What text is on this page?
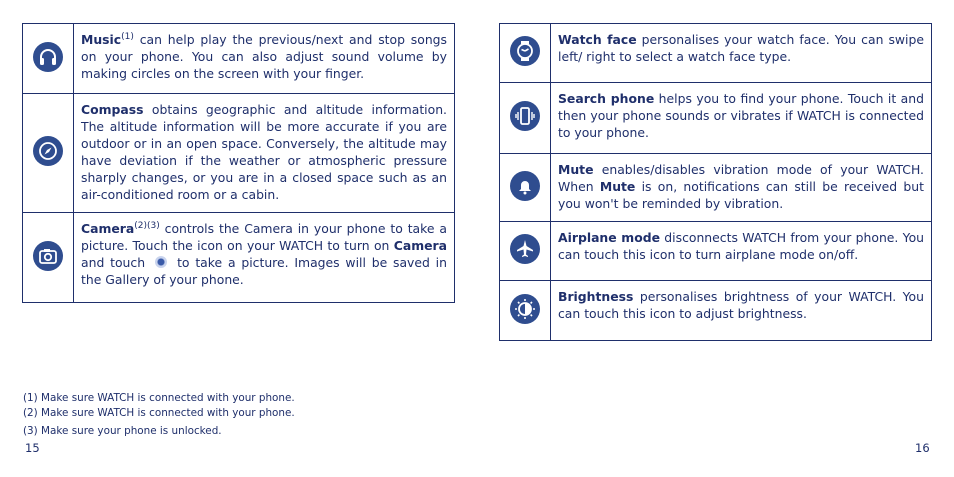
	Music$^{(1)}$ can help play the previous/next and stop songs on your phone. You can also adjust sound volume by making circles on the screen with your finger.

	Compass obtains geographic and altitude information. The altitude information will be more accurate if you are outdoor or in an open space. Conversely, the altitude may have deviation if the weather or atmospheric pressure sharply changes, or you are in a closed space such as an air-conditioned room or a cabin.

	Camera$^{(2)(3)}$ controls the Camera in your phone to take a picture. Touch the icon on your WATCH to turn on Camera and touch to take a picture. Images will be saved in the Gallery of your phone.
	Watch face personalises your watch face. You can swipe left/ right to select a watch face type.

	Search phone helps you to find your phone. Touch it and then your phone sounds or vibrates if WATCH is connected to your phone.

	Mute enables/disables vibration mode of your WATCH. When Mute is on, notifications can still be received but you won't be reminded by vibration.

	Airplane mode disconnects WATCH from your phone. You can touch this icon to turn airplane mode on/off.

	Brightness personalises brightness of your WATCH. You can touch this icon to adjust brightness.
(1) Make sure WATCH is connected with your phone.
(2) Make sure WATCH is connected with your phone.
(3) Make sure your phone is unlocked.
15	16
